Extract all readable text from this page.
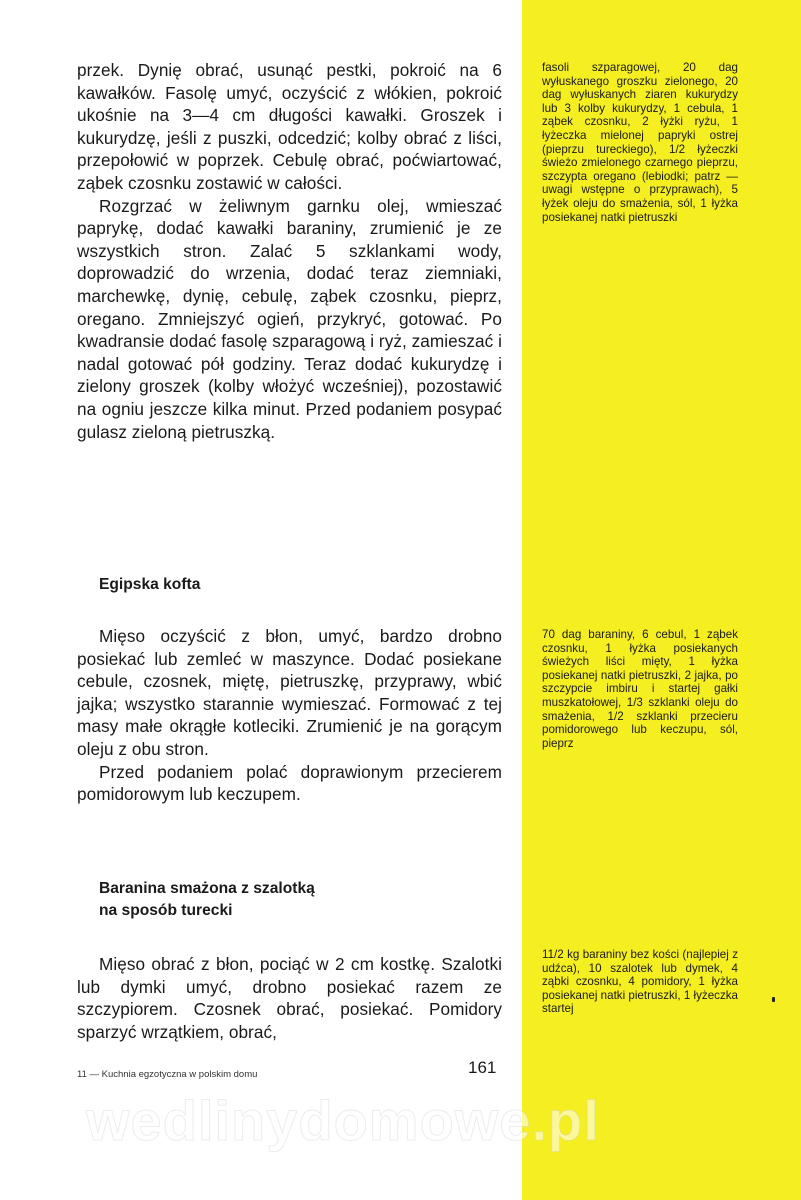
przek. Dynię obrać, usunąć pestki, pokroić na 6 kawałków. Fasolę umyć, oczyścić z włókien, pokroić ukośnie na 3—4 cm długości kawałki. Groszek i kukurydzę, jeśli z puszki, odcedzić; kolby obrać z liści, przepołowić w poprzek. Cebulę obrać, poćwiartować, ząbek czosnku zostawić w całości.

Rozgrzać w żeliwnym garnku olej, wmieszać paprykę, dodać kawałki baraniny, zrumienić je ze wszystkich stron. Zalać 5 szklankami wody, doprowadzić do wrzenia, dodać teraz ziemniaki, marchewkę, dynię, cebulę, ząbek czosnku, pieprz, oregano. Zmniejszyć ogień, przykryć, gotować. Po kwadransie dodać fasolę szparagową i ryż, zamieszać i nadal gotować pół godziny. Teraz dodać kukurydzę i zielony groszek (kolby włożyć wcześniej), pozostawić na ogniu jeszcze kilka minut. Przed podaniem posypać gulasz zieloną pietruszką.

fasoli szparagowej, 20 dag wyłuskanego groszku zielonego, 20 dag wyłuskanych ziaren kukurydzy lub 3 kolby kukurydzy, 1 cebula, 1 ząbek czosnku, 2 łyżki ryżu, 1 łyżeczka mielonej papryki ostrej (pieprzu tureckiego), 1/2 łyżeczki świeżo zmielonego czarnego pieprzu, szczypta oregano (lebiodki; patrz — uwagi wstępne o przyprawach), 5 łyżek oleju do smażenia, sól, 1 łyżka posiekanej natki pietruszki
Egipska kofta

Mięso oczyścić z błon, umyć, bardzo drobno posiekać lub zemleć w maszynce. Dodać posiekane cebule, czosnek, miętę, pietruszkę, przyprawy, wbić jajka; wszystko starannie wymieszać. Formować z tej masy małe okrągłe kotleciki. Zrumienić je na gorącym oleju z obu stron.

Przed podaniem polać doprawionym przecierem pomidorowym lub keczupem.

70 dag baraniny, 6 cebul, 1 ząbek czosnku, 1 łyżka posiekanych świeżych liści mięty, 1 łyżka posiekanej natki pietruszki, 2 jajka, po szczypcie imbiru i startej gałki muszkatołowej, 1/3 szklanki oleju do smażenia, 1/2 szklanki przecieru pomidorowego lub keczupu, sól, pieprz
Baranina smażona z szalotką
na sposób turecki

Mięso obrać z błon, pociąć w 2 cm kostkę. Szalotki lub dymki umyć, drobno posiekać razem ze szczypiorem. Czosnek obrać, posiekać. Pomidory sparzyć wrzątkiem, obrać,

11/2 kg baraniny bez kości (najlepiej z udźca), 10 szalotek lub dymek, 4 ząbki czosnku, 4 pomidory, 1 łyżka posiekanej natki pietruszki, 1 łyżeczka startej
11 — Kuchnia egzotyczna w polskim domu	161
wedlinydomowe.pl
